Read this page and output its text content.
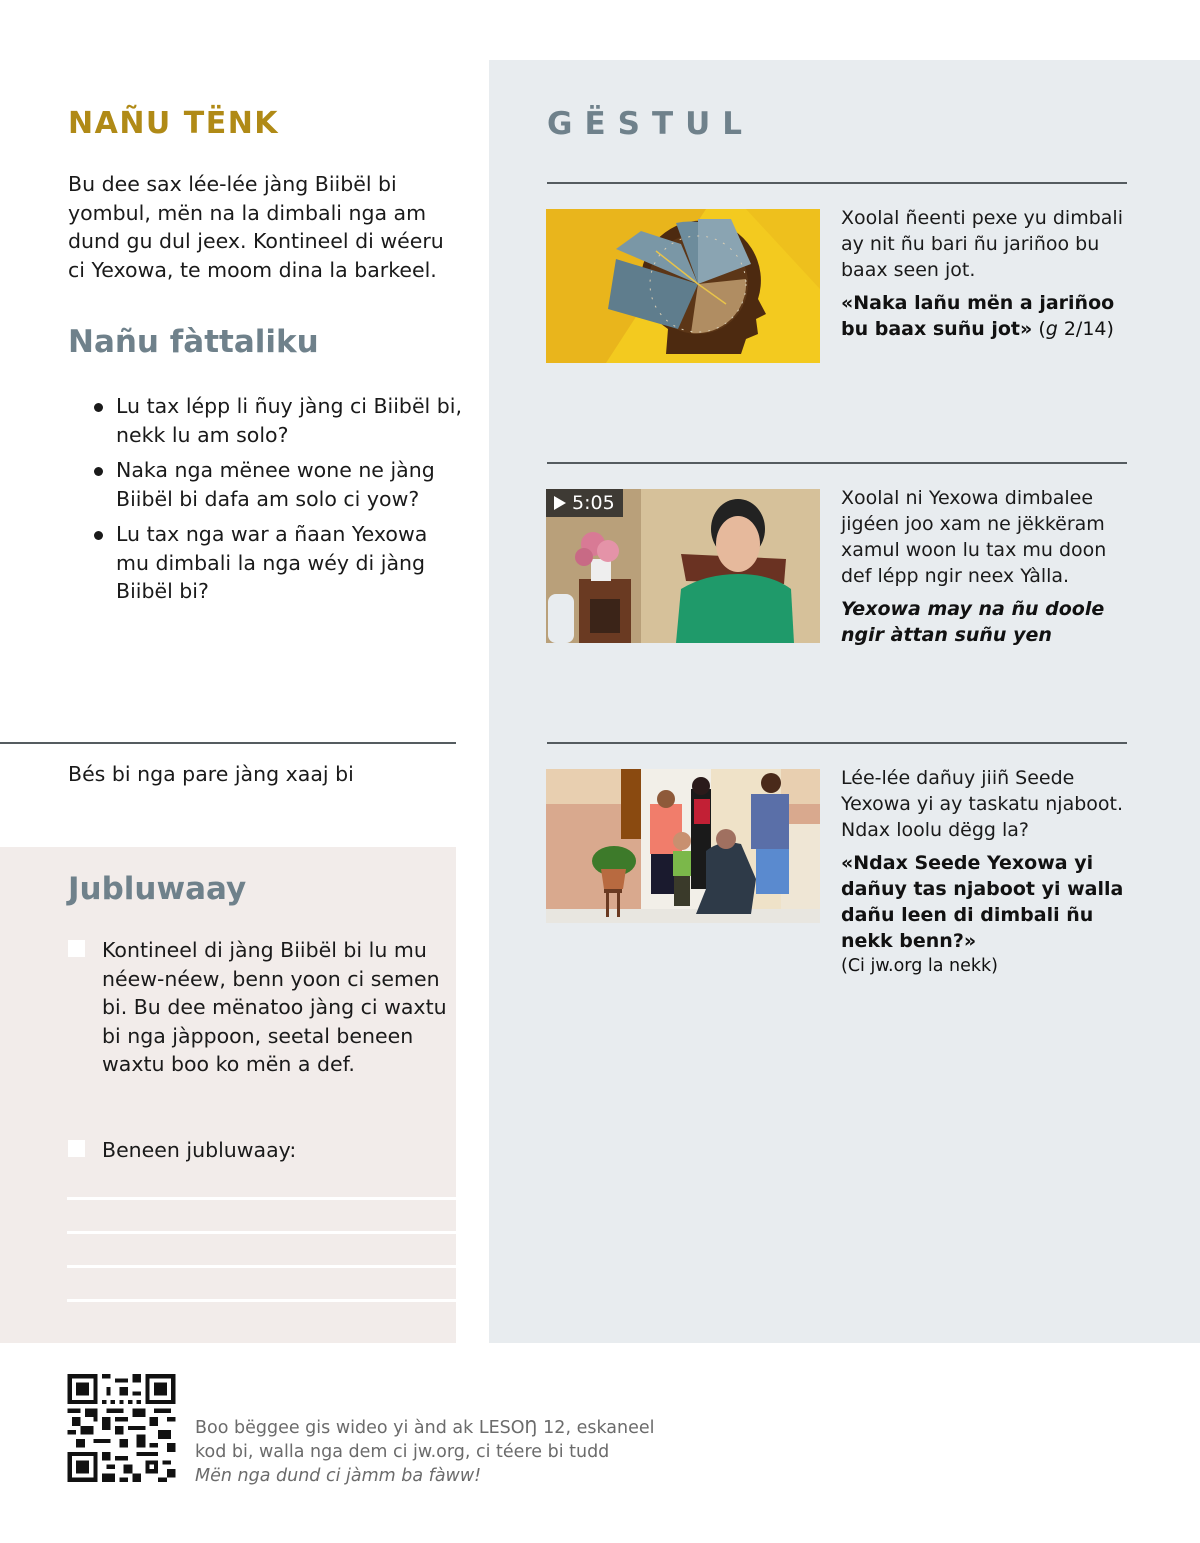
NAÑU TËNK

Bu dee sax lée-lée jàng Biibël bi yombul, mën na la dimbali nga am dund gu dul jeex. Kontineel di wéeru ci Yexowa, te moom dina la barkeel.

Nañu fàttaliku
Lu tax lépp li ñuy jàng ci Biibël bi, nekk lu am solo?
Naka nga mënee wone ne jàng Biibël bi dafa am solo ci yow?
Lu tax nga war a ñaan Yexowa mu dimbali la nga wéy di jàng Biibël bi?
Bés bi nga pare jàng xaaj bi
Jubluwaay
Kontineel di jàng Biibël bi lu mu néew-néew, benn yoon ci semen bi. Bu dee mënatoo jàng ci waxtu bi nga jàppoon, seetal beneen waxtu boo ko mën a def.
Beneen jubluwaay:
GËSTUL
Xoolal ñeenti pexe yu dimbali ay nit ñu bari ñu jariñoo bu baax seen jot.
«Naka lañu mën a jariñoo bu baax suñu jot» (g 2/14)
5:05	Xoolal ni Yexowa dimbalee jigéen joo xam ne jëkkëram xamul woon lu tax mu doon def lépp ngir neex Yàlla.
Yexowa may na ñu doole ngir àttan suñu yen
Lée-lée dañuy jiiñ Seede Yexowa yi ay taskatu njaboot. Ndax loolu dëgg la?
«Ndax Seede Yexowa yi dañuy tas njaboot yi walla dañu leen di dimbali ñu nekk benn?»
(Ci jw.org la nekk)
Boo bëggee gis wideo yi ànd ak LESOŊ 12, eskaneel
kod bi, walla nga dem ci jw.org, ci téere bi tudd
Mën nga dund ci jàmm ba fàww!
